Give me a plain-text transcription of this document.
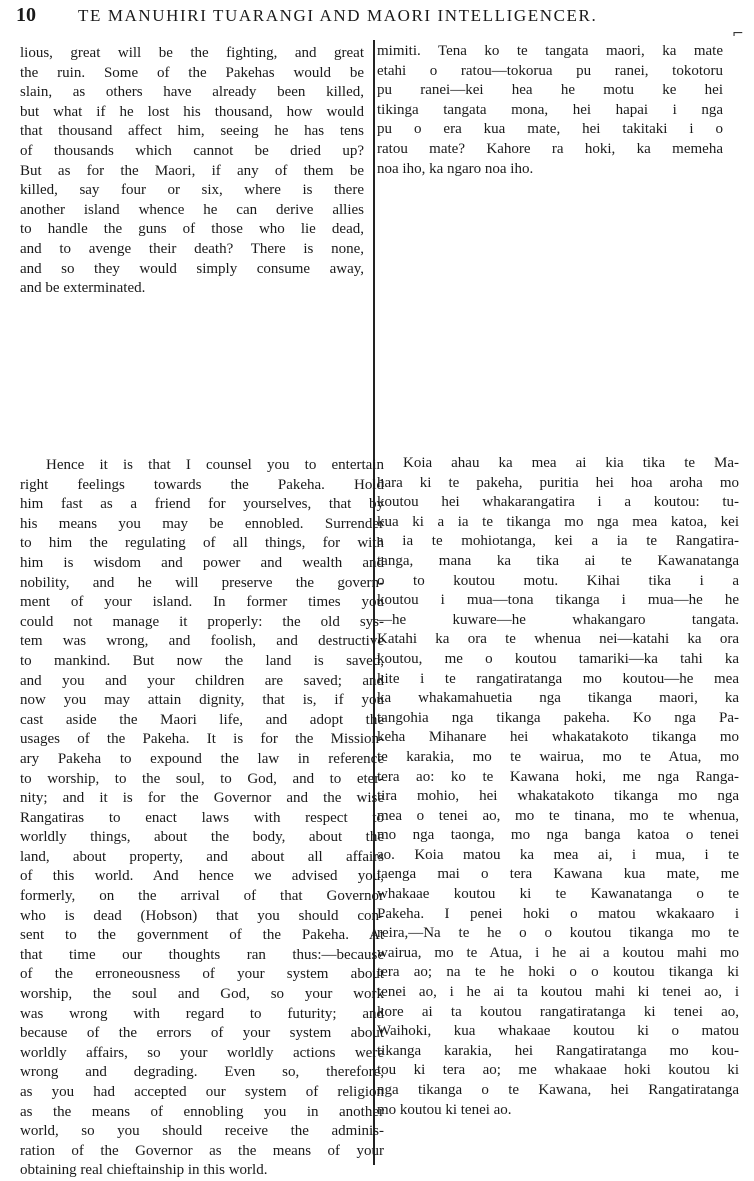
10 TE MANUHIRI TUARANGI AND MAORI INTELLIGENCER.
⌐
lious, great will be the fighting, and great
the ruin. Some of the Pakehas would be
slain, as others have already been killed,
but what if he lost his thousand, how would
that thousand affect him, seeing he has tens
of thousands which cannot be dried up?
But as for the Maori, if any of them be
killed, say four or six, where is there
another island whence he can derive allies
to handle the guns of those who lie dead,
and to avenge their death? There is none,
and so they would simply consume away,
and be exterminated.
mimiti. Tena ko te tangata maori, ka mate
etahi o ratou—tokorua pu ranei, tokotoru
pu ranei—kei hea he motu ke hei
tikinga tangata mona, hei hapai i nga
pu o era kua mate, hei takitaki i o
ratou mate? Kahore ra hoki, ka memeha
noa iho, ka ngaro noa iho.
Hence it is that I counsel you to entertain
right feelings towards the Pakeha. Hold
him fast as a friend for yourselves, that by
his means you may be ennobled. Surrender
to him the regulating of all things, for with
him is wisdom and power and wealth and
nobility, and he will preserve the govern-
ment of your island. In former times you
could not manage it properly: the old sys-
tem was wrong, and foolish, and destructive
to mankind. But now the land is saved,
and you and your children are saved; and
now you may attain dignity, that is, if you
cast aside the Maori life, and adopt the
usages of the Pakeha. It is for the Mission-
ary Pakeha to expound the law in reference
to worship, to the soul, to God, and to eter-
nity; and it is for the Governor and the wise
Rangatiras to enact laws with respect to
worldly things, about the body, about the
land, about property, and about all affairs
of this world. And hence we advised you,
formerly, on the arrival of that Governor
who is dead (Hobson) that you should con-
sent to the government of the Pakeha. At
that time our thoughts ran thus:—because
of the erroneousness of your system about
worship, the soul and God, so your work
was wrong with regard to futurity; and
because of the errors of your system about
worldly affairs, so your worldly actions were
wrong and degrading. Even so, therefore,
as you had accepted our system of religion
as the means of ennobling you in another
world, so you should receive the adminis-
ration of the Governor as the means of your
obtaining real chieftainship in this world.
Koia ahau ka mea ai kia tika te Ma-
hara ki te pakeha, puritia hei hoa aroha mo
koutou hei whakarangatira i a koutou: tu-
kua ki a ia te tikanga mo nga mea katoa, kei
a ia te mohiotanga, kei a ia te Rangatira-
tanga, mana ka tika ai te Kawanatanga
o to koutou motu. Kihai tika i a
koutou i mua—tona tikanga i mua—he he
—he kuware—he whakangaro tangata.
Katahi ka ora te whenua nei—katahi ka ora
koutou, me o koutou tamariki—ka tahi ka
kite i te rangatiratanga mo koutou—he mea
ka whakamahuetia nga tikanga maori, ka
tangohia nga tikanga pakeha. Ko nga Pa-
keha Mihanare hei whakatakoto tikanga mo
te karakia, mo te wairua, mo te Atua, mo
tera ao: ko te Kawana hoki, me nga Ranga-
tira mohio, hei whakatakoto tikanga mo nga
mea o tenei ao, mo te tinana, mo te whenua,
mo nga taonga, mo nga banga katoa o tenei
ao. Koia matou ka mea ai, i mua, i te
taenga mai o tera Kawana kua mate, me
whakaae koutou ki te Kawanatanga o te
Pakeha. I penei hoki o matou wkakaaro i
reira,—Na te he o o koutou tikanga mo te
wairua, mo te Atua, i he ai a koutou mahi mo
tera ao; na te he hoki o o koutou tikanga ki
tenei ao, i he ai ta koutou mahi ki tenei ao, i
kore ai ta koutou rangatiratanga ki tenei ao,
Waihoki, kua whakaae koutou ki o matou
tikanga karakia, hei Rangatiratanga mo kou-
tou ki tera ao; me whakaae hoki koutou ki
nga tikanga o te Kawana, hei Rangatiratanga
mo koutou ki tenei ao.
